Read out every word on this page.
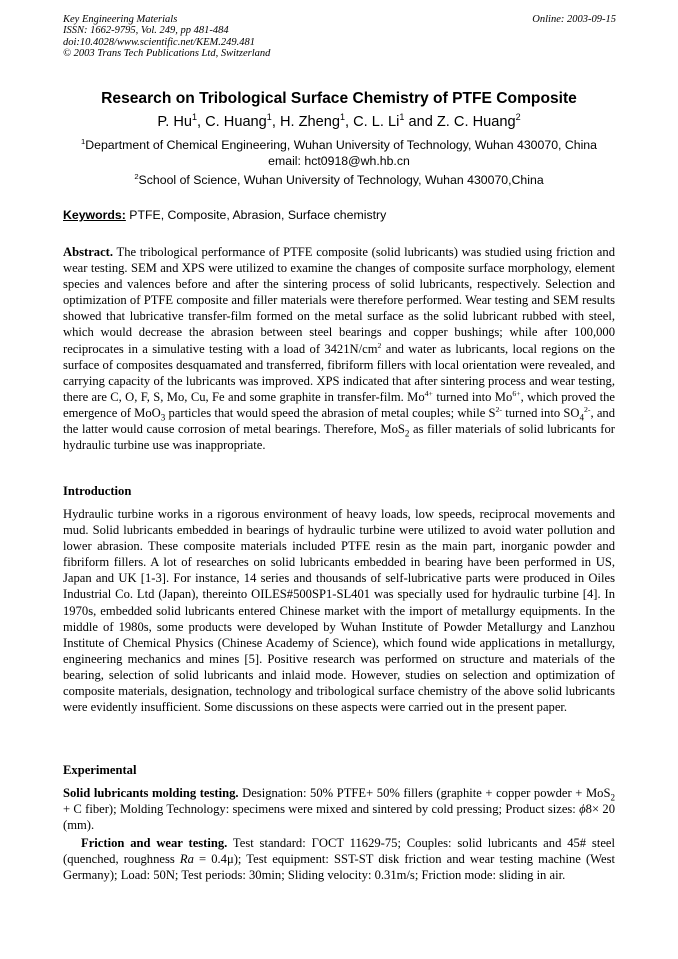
Key Engineering Materials
ISSN: 1662-9795, Vol. 249, pp 481-484
doi:10.4028/www.scientific.net/KEM.249.481
© 2003 Trans Tech Publications Ltd, Switzerland
Online: 2003-09-15
Research on Tribological Surface Chemistry of PTFE Composite
P. Hu$^1$, C. Huang$^1$, H. Zheng$^1$, C. L. Li$^1$ and Z. C. Huang$^2$
$^1$Department of Chemical Engineering, Wuhan University of Technology, Wuhan 430070, China
email: hct0918@wh.hb.cn
$^2$School of Science, Wuhan University of Technology, Wuhan 430070,China
Keywords: PTFE, Composite, Abrasion, Surface chemistry
Abstract. The tribological performance of PTFE composite (solid lubricants) was studied using friction and wear testing. SEM and XPS were utilized to examine the changes of composite surface morphology, element species and valences before and after the sintering process of solid lubricants, respectively. Selection and optimization of PTFE composite and filler materials were therefore performed. Wear testing and SEM results showed that lubricative transfer-film formed on the metal surface as the solid lubricant rubbed with steel, which would decrease the abrasion between steel bearings and copper bushings; while after 100,000 reciprocates in a simulative testing with a load of $3421N/cm^2$ and water as lubricants, local regions on the surface of composites desquamated and transferred, fibriform fillers with local orientation were revealed, and carrying capacity of the lubricants was improved. XPS indicated that after sintering process and wear testing, there are C, O, F, S, Mo, Cu, Fe and some graphite in transfer-film. $Mo^{4+}$ turned into $Mo^{6+}$, which proved the emergence of MoO$_3$ particles that would speed the abrasion of metal couples; while $S^{2-}$ turned into $SO_4^{2-}$, and the latter would cause corrosion of metal bearings. Therefore, MoS$_2$ as filler materials of solid lubricants for hydraulic turbine use was inappropriate.
Introduction
Hydraulic turbine works in a rigorous environment of heavy loads, low speeds, reciprocal movements and mud. Solid lubricants embedded in bearings of hydraulic turbine were utilized to avoid water pollution and lower abrasion. These composite materials included PTFE resin as the main part, inorganic powder and fibriform fillers. A lot of researches on solid lubricants embedded in bearing have been performed in US, Japan and UK [1-3]. For instance, 14 series and thousands of self-lubricative parts were produced in Oiles Industrial Co. Ltd (Japan), thereinto OILES#500SP1-SL401 was specially used for hydraulic turbine [4]. In 1970s, embedded solid lubricants entered Chinese market with the import of metallurgy equipments. In the middle of 1980s, some products were developed by Wuhan Institute of Powder Metallurgy and Lanzhou Institute of Chemical Physics (Chinese Academy of Science), which found wide applications in metallurgy, engineering mechanics and mines [5]. Positive research was performed on structure and materials of the bearing, selection of solid lubricants and inlaid mode. However, studies on selection and optimization of composite materials, designation, technology and tribological surface chemistry of the above solid lubricants were evidently insufficient. Some discussions on these aspects were carried out in the present paper.
Experimental
Solid lubricants molding testing. Designation: 50% PTFE+ 50% fillers (graphite + copper powder + MoS$_2$ + C fiber); Molding Technology: specimens were mixed and sintered by cold pressing; Product sizes: ϕ8× 20 (mm).
Friction and wear testing. Test standard: ΓOCT 11629-75; Couples: solid lubricants and 45# steel (quenched, roughness Ra = 0.4μ); Test equipment: SST-ST disk friction and wear testing machine (West Germany); Load: 50N; Test periods: 30min; Sliding velocity: 0.31m/s; Friction mode: sliding in air.
